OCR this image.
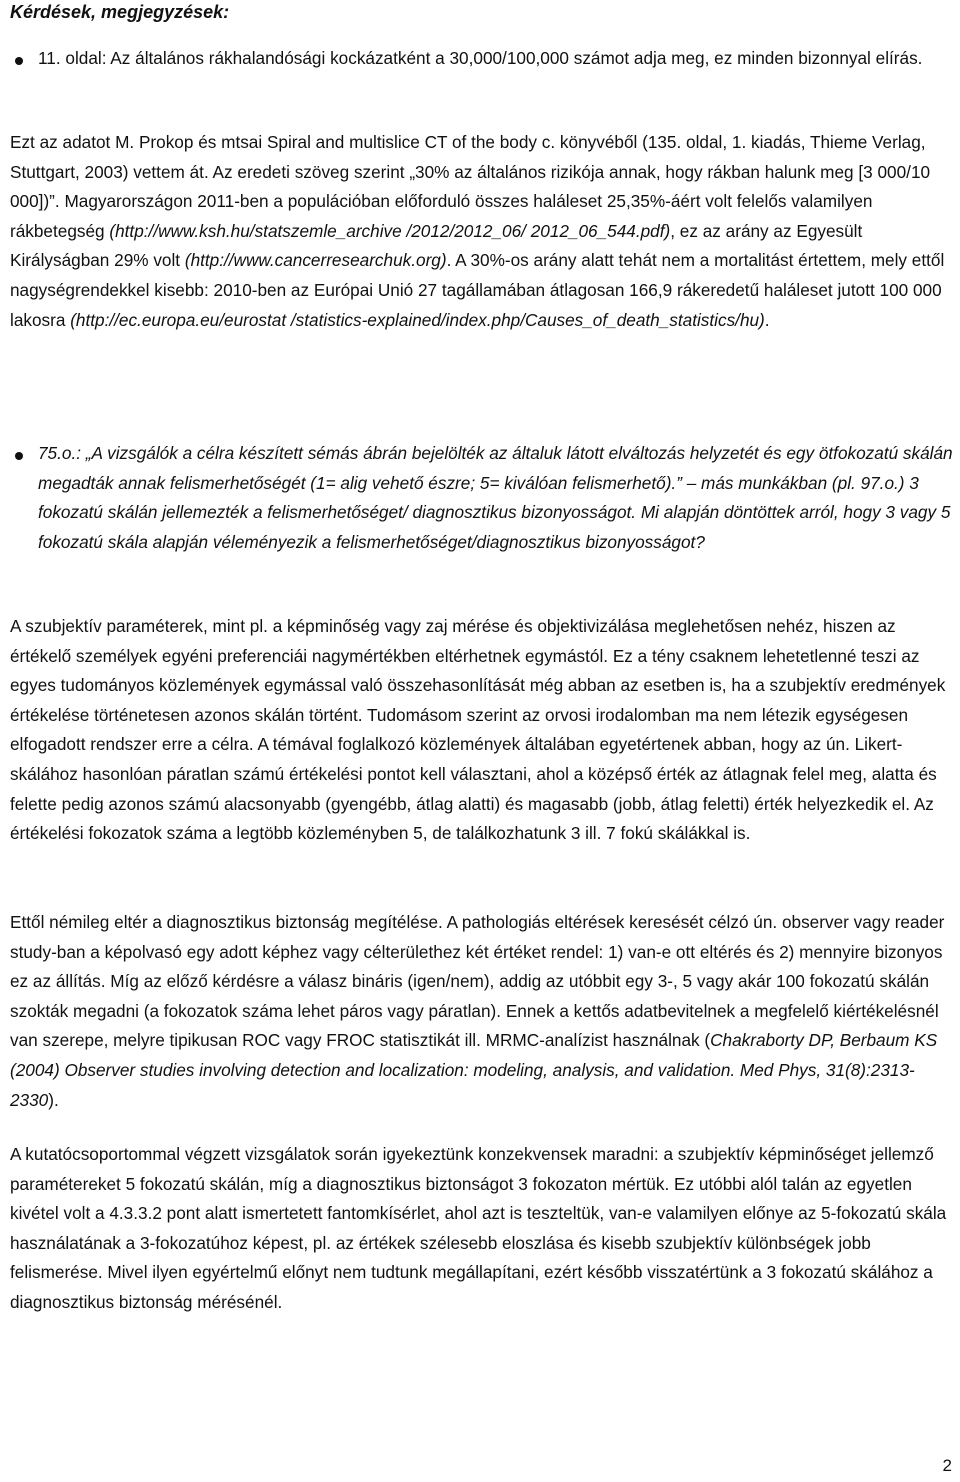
Kérdések, megjegyzések:
11. oldal: Az általános rákhalandósági kockázatként a 30,000/100,000 számot adja meg, ez minden bizonnyal elírás.
Ezt az adatot M. Prokop és mtsai Spiral and multislice CT of the body c. könyvéből (135. oldal, 1. kiadás, Thieme Verlag, Stuttgart, 2003) vettem át. Az eredeti szöveg szerint „30% az általános rizikója annak, hogy rákban halunk meg [3 000/10 000])”. Magyarországon 2011-ben a populációban előforduló összes haláleset 25,35%-áért volt felelős valamilyen rákbetegség (http://www.ksh.hu/statszemle_archive /2012/2012_06/ 2012_06_544.pdf), ez az arány az Egyesült Királyságban 29% volt (http://www.cancerresearchuk.org). A 30%-os arány alatt tehát nem a mortalitást értettem, mely ettől nagységrendekkel kisebb: 2010-ben az Európai Unió 27 tagállamában átlagosan 166,9 rákeredetű haláleset jutott 100 000 lakosra (http://ec.europa.eu/eurostat /statistics-explained/index.php/Causes_of_death_statistics/hu).
75.o.: „A vizsgálók a célra készített sémás ábrán bejelölték az általuk látott elváltozás helyzetét és egy ötfokozatú skálán megadták annak felismerhetőségét (1= alig vehető észre; 5= kiválóan felismerhető).” – más munkákban (pl. 97.o.) 3 fokozatú skálán jellemezték a felismerhetőséget/ diagnosztikus bizonyosságot. Mi alapján döntöttek arról, hogy 3 vagy 5 fokozatú skála alapján véleményezik a felismerhetőséget/diagnosztikus bizonyosságot?
A szubjektív paraméterek, mint pl. a képminőség vagy zaj mérése és objektivizálása meglehetősen nehéz, hiszen az értékelő személyek egyéni preferenciái nagymértékben eltérhetnek egymástól. Ez a tény csaknem lehetetlenné teszi az egyes tudományos közlemények egymással való összehasonlítását még abban az esetben is, ha a szubjektív eredmények értékelése történetesen azonos skálán történt. Tudomásom szerint az orvosi irodalomban ma nem létezik egységesen elfogadott rendszer erre a célra. A témával foglalkozó közlemények általában egyetértenek abban, hogy az ún. Likert-skálához hasonlóan páratlan számú értékelési pontot kell választani, ahol a középső érték az átlagnak felel meg, alatta és felette pedig azonos számú alacsonyabb (gyengébb, átlag alatti) és magasabb (jobb, átlag feletti) érték helyezkedik el. Az értékelési fokozatok száma a legtöbb közleményben 5, de találkozhatunk 3 ill. 7 fokú skálákkal is.
Ettől némileg eltér a diagnosztikus biztonság megítélése. A pathologiás eltérések keresését célzó ún. observer vagy reader study-ban a képolvasó egy adott képhez vagy célterülethez két értéket rendel: 1) van-e ott eltérés és 2) mennyire bizonyos ez az állítás. Míg az előző kérdésre a válasz bináris (igen/nem), addig az utóbbit egy 3-, 5 vagy akár 100 fokozatú skálán szokták megadni (a fokozatok száma lehet páros vagy páratlan). Ennek a kettős adatbevitelnek a megfelelő kiértékelésnél van szerepe, melyre tipikusan ROC vagy FROC statisztikát ill. MRMC-analízist használnak (Chakraborty DP, Berbaum KS (2004) Observer studies involving detection and localization: modeling, analysis, and validation. Med Phys, 31(8):2313-2330).
A kutatócsoportommal végzett vizsgálatok során igyekeztünk konzekvensek maradni: a szubjektív képminőséget jellemző paramétereket 5 fokozatú skálán, míg a diagnosztikus biztonságot 3 fokozaton mértük. Ez utóbbi alól talán az egyetlen kivétel volt a 4.3.3.2 pont alatt ismertetett fantomkísérlet, ahol azt is teszteltük, van-e valamilyen előnye az 5-fokozatú skála használatának a 3-fokozatúhoz képest, pl. az értékek szélesebb eloszlása és kisebb szubjektív különbségek jobb felismerése. Mivel ilyen egyértelmű előnyt nem tudtunk megállapítani, ezért később visszatértünk a 3 fokozatú skálához a diagnosztikus biztonság mérésénél.
2
